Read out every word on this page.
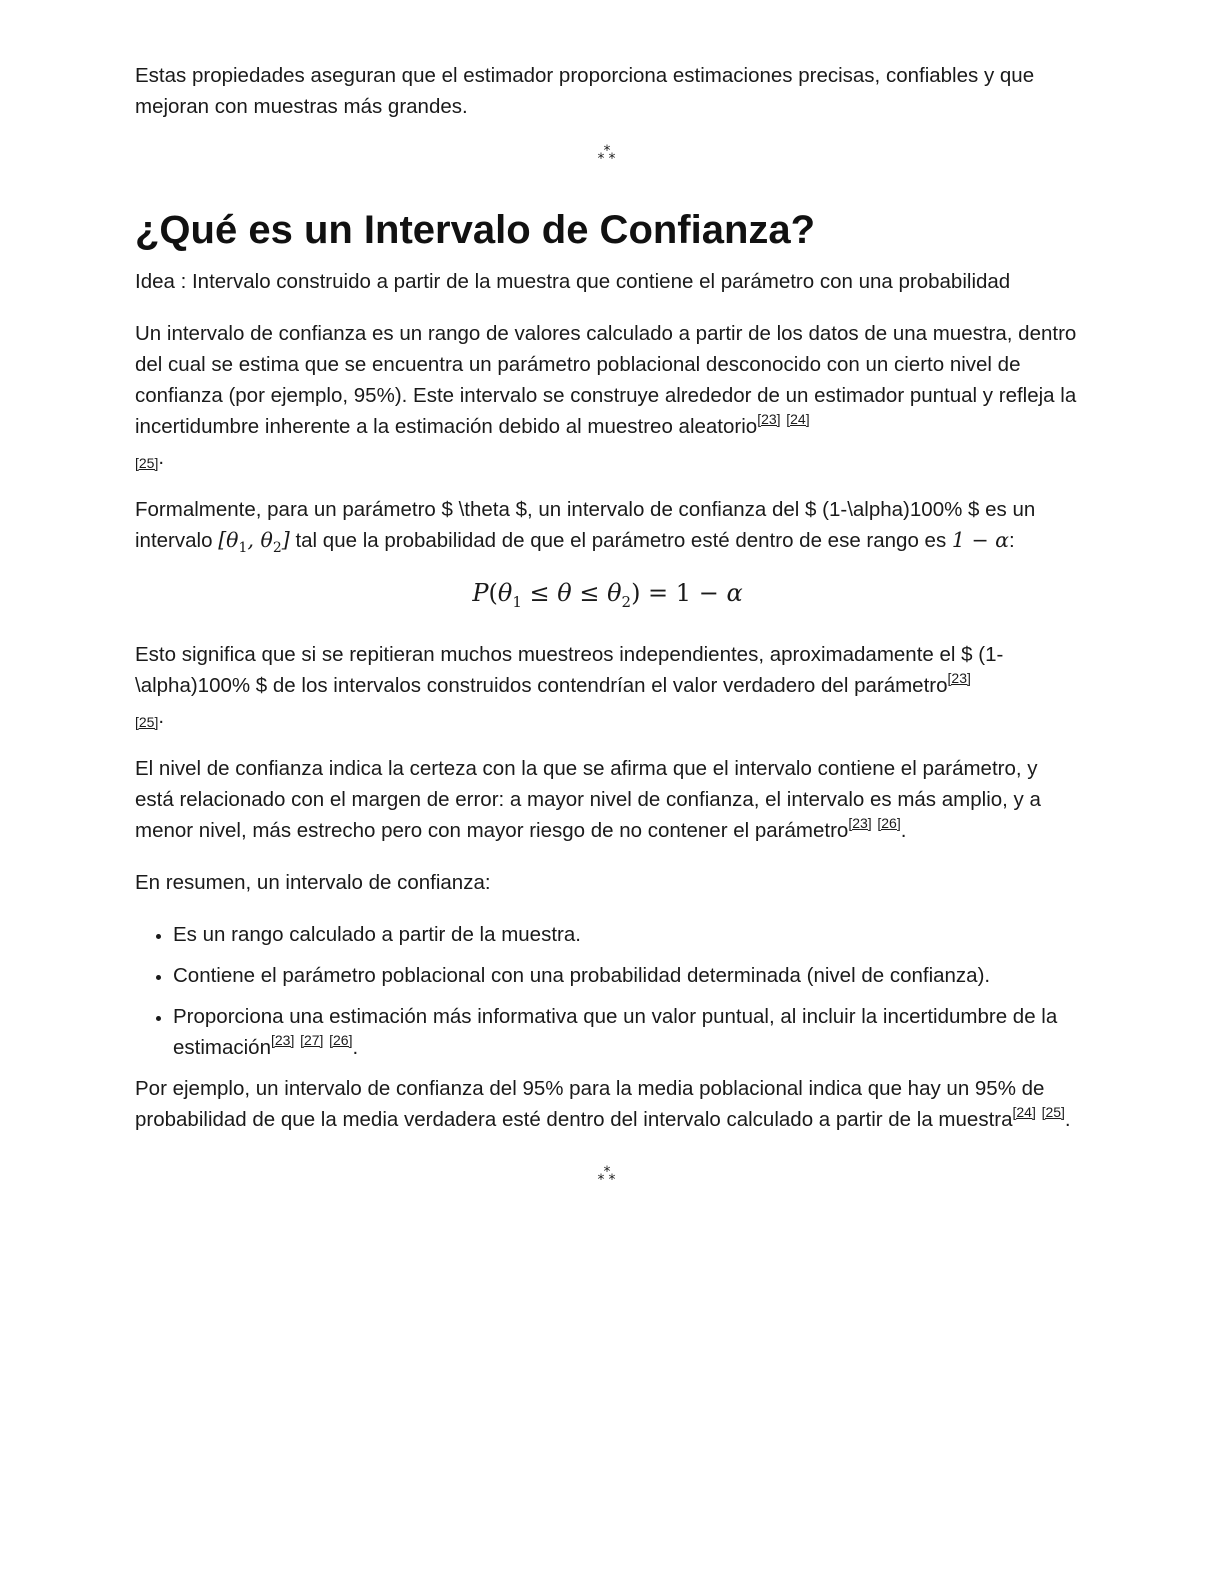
Estas propiedades aseguran que el estimador proporciona estimaciones precisas, confiables y que mejoran con muestras más grandes.

*
* *
¿Qué es un Intervalo de Confianza?

Idea : Intervalo construido a partir de la muestra que contiene el parámetro con una probabilidad

Un intervalo de confianza es un rango de valores calculado a partir de los datos de una muestra, dentro del cual se estima que se encuentra un parámetro poblacional desconocido con un cierto nivel de confianza (por ejemplo, 95%). Este intervalo se construye alrededor de un estimador puntual y refleja la incertidumbre inherente a la estimación debido al muestreo aleatorio[23] [24]
[25].

Formalmente, para un parámetro $ \theta $, un intervalo de confianza del $ (1-\alpha)100% $ es un intervalo [$\theta_1$, $\theta_2$] tal que la probabilidad de que el parámetro esté dentro de ese rango es 1 − α:

$P(\theta_1 \le \theta \le \theta_2) = 1 - \alpha$

Esto significa que si se repitieran muchos muestreos independientes, aproximadamente el $ (1-\alpha)100% $ de los intervalos construidos contendrían el valor verdadero del parámetro[23]
[25].

El nivel de confianza indica la certeza con la que se afirma que el intervalo contiene el parámetro, y está relacionado con el margen de error: a mayor nivel de confianza, el intervalo es más amplio, y a menor nivel, más estrecho pero con mayor riesgo de no contener el parámetro[23] [26].

En resumen, un intervalo de confianza:

• Es un rango calculado a partir de la muestra.
• Contiene el parámetro poblacional con una probabilidad determinada (nivel de confianza).
• Proporciona una estimación más informativa que un valor puntual, al incluir la incertidumbre de la estimación[23] [27] [26].

Por ejemplo, un intervalo de confianza del 95% para la media poblacional indica que hay un 95% de probabilidad de que la media verdadera esté dentro del intervalo calculado a partir de la muestra[24] [25].

*
* *
